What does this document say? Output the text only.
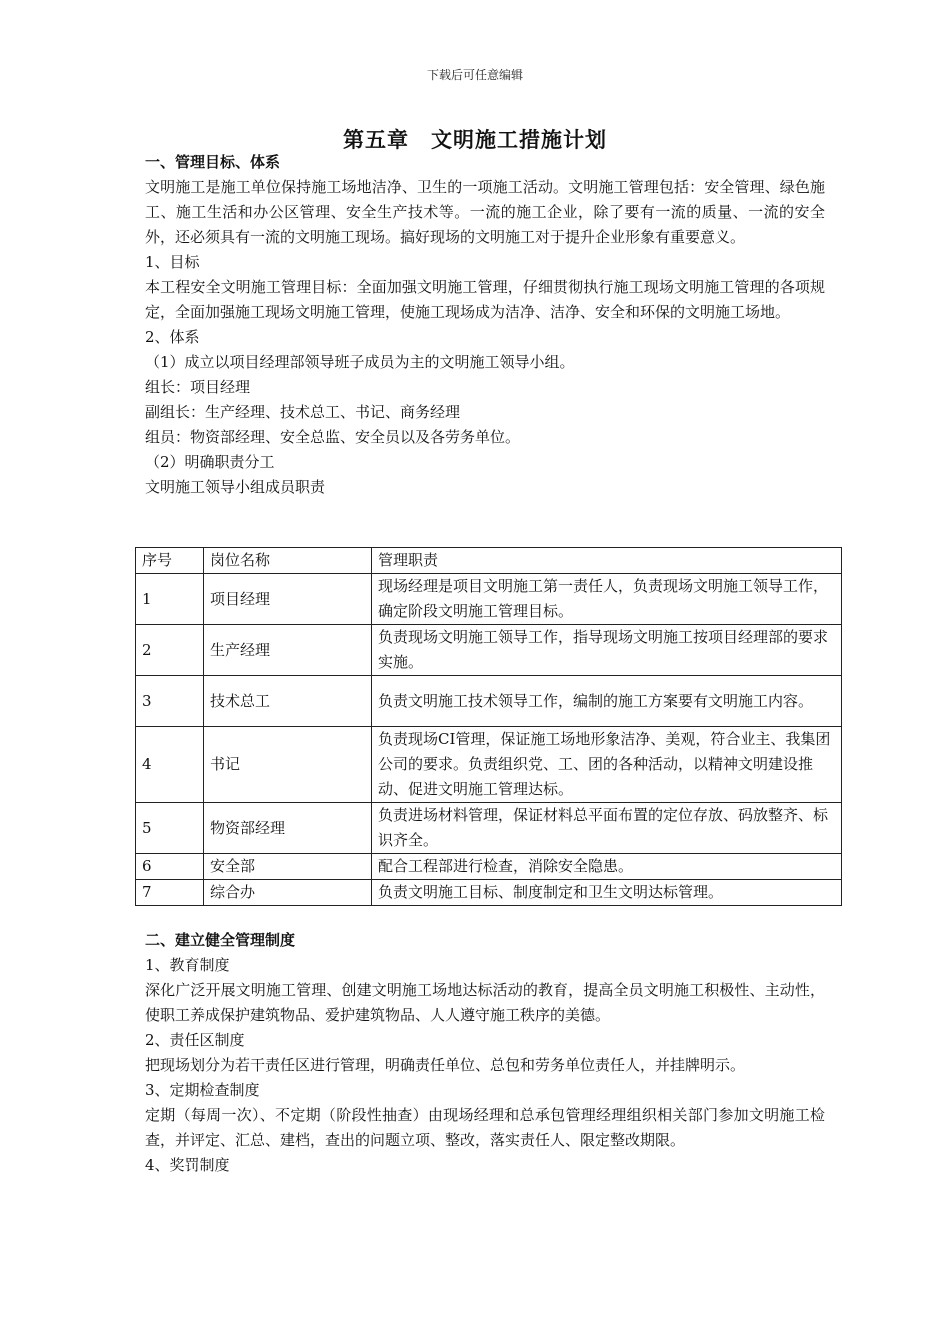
下载后可任意编辑
第五章　文明施工措施计划

一、管理目标、体系

文明施工是施工单位保持施工场地洁净、卫生的一项施工活动。文明施工管理包括：安全管理、绿色施工、施工生活和办公区管理、安全生产技术等。一流的施工企业，除了要有一流的质量、一流的安全外，还必须具有一流的文明施工现场。搞好现场的文明施工对于提升企业形象有重要意义。

1、目标

本工程安全文明施工管理目标：全面加强文明施工管理，仔细贯彻执行施工现场文明施工管理的各项规定，全面加强施工现场文明施工管理，使施工现场成为洁净、洁净、安全和环保的文明施工场地。

2、体系

（1）成立以项目经理部领导班子成员为主的文明施工领导小组。

组长：项目经理

副组长：生产经理、技术总工、书记、商务经理

组员：物资部经理、安全总监、安全员以及各劳务单位。

（2）明确职责分工

文明施工领导小组成员职责

序号	岗位名称	管理职责
1	项目经理	现场经理是项目文明施工第一责任人，负责现场文明施工领导工作，确定阶段文明施工管理目标。
2	生产经理	负责现场文明施工领导工作，指导现场文明施工按项目经理部的要求实施。
3	技术总工	负责文明施工技术领导工作，编制的施工方案要有文明施工内容。
4	书记	负责现场CI管理，保证施工场地形象洁净、美观，符合业主、我集团公司的要求。负责组织党、工、团的各种活动，以精神文明建设推动、促进文明施工管理达标。
5	物资部经理	负责进场材料管理，保证材料总平面布置的定位存放、码放整齐、标识齐全。
6	安全部	配合工程部进行检查，消除安全隐患。
7	综合办	负责文明施工目标、制度制定和卫生文明达标管理。

二、建立健全管理制度

1、教育制度

深化广泛开展文明施工管理、创建文明施工场地达标活动的教育，提高全员文明施工积极性、主动性，使职工养成保护建筑物品、爱护建筑物品、人人遵守施工秩序的美德。

2、责任区制度

把现场划分为若干责任区进行管理，明确责任单位、总包和劳务单位责任人，并挂牌明示。

3、定期检查制度

定期（每周一次）、不定期（阶段性抽查）由现场经理和总承包管理经理组织相关部门参加文明施工检查，并评定、汇总、建档，查出的问题立项、整改，落实责任人、限定整改期限。

4、奖罚制度
